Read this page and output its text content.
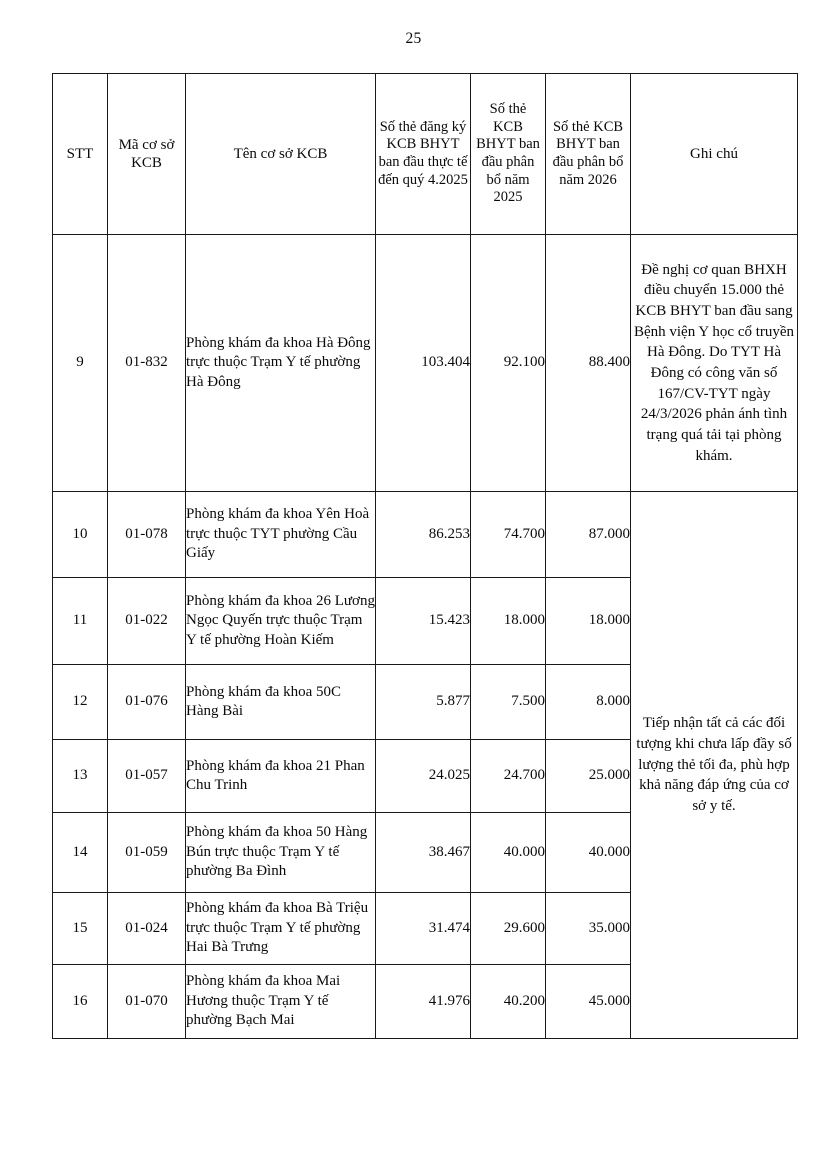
25
STT	Mã cơ sở KCB	Tên cơ sở KCB	Số thẻ đăng ký KCB BHYT ban đầu thực tế đến quý 4.2025	Số thẻ KCB BHYT ban đầu phân bổ năm 2025	Số thẻ KCB BHYT ban đầu phân bổ năm 2026	Ghi chú
9	01-832	Phòng khám đa khoa Hà Đông trực thuộc Trạm Y tế phường Hà Đông	103.404	92.100	88.400	Đề nghị cơ quan BHXH điều chuyển 15.000 thẻ KCB BHYT ban đầu sang Bệnh viện Y học cổ truyền Hà Đông. Do TYT Hà Đông có công văn số 167/CV-TYT ngày 24/3/2026 phản ánh tình trạng quá tải tại phòng khám.
10	01-078	Phòng khám đa khoa Yên Hoà trực thuộc TYT phường Cầu Giấy	86.253	74.700	87.000	Tiếp nhận tất cả các đối tượng khi chưa lấp đầy số lượng thẻ tối đa, phù hợp khả năng đáp ứng của cơ sở y tế.
11	01-022	Phòng khám đa khoa 26 Lương Ngọc Quyến trực thuộc Trạm Y tế phường Hoàn Kiếm	15.423	18.000	18.000	
12	01-076	Phòng khám đa khoa 50C Hàng Bài	5.877	7.500	8.000	
13	01-057	Phòng khám đa khoa 21 Phan Chu Trinh	24.025	24.700	25.000	
14	01-059	Phòng khám đa khoa 50 Hàng Bún trực thuộc Trạm Y tế phường Ba Đình	38.467	40.000	40.000	
15	01-024	Phòng khám đa khoa Bà Triệu trực thuộc Trạm Y tế phường Hai Bà Trưng	31.474	29.600	35.000	
16	01-070	Phòng khám đa khoa Mai Hương thuộc Trạm Y tế phường Bạch Mai	41.976	40.200	45.000	
